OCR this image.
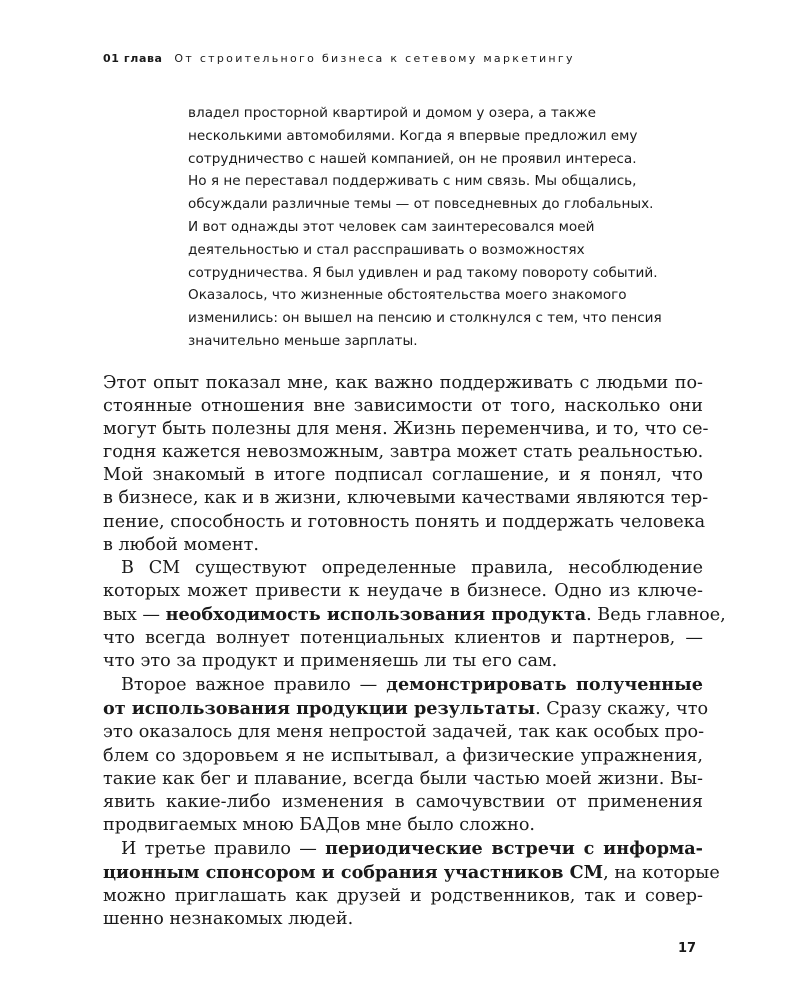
01 глава От строительного бизнеса к сетевому маркетингу
владел просторной квартирой и домом у озера, а также
несколькими автомобилями. Когда я впервые предложил ему
сотрудничество с нашей компанией, он не проявил интереса.
Но я не переставал поддерживать с ним связь. Мы общались,
обсуждали различные темы — от повседневных до глобальных.
И вот однажды этот человек сам заинтересовался моей
деятельностью и стал расспрашивать о возможностях
сотрудничества. Я был удивлен и рад такому повороту событий.
Оказалось, что жизненные обстоятельства моего знакомого
изменились: он вышел на пенсию и столкнулся с тем, что пенсия
значительно меньше зарплаты.
Этот опыт показал мне, как важно поддерживать с людьми по-
стоянные отношения вне зависимости от того, насколько они
могут быть полезны для меня. Жизнь переменчива, и то, что се-
годня кажется невозможным, завтра может стать реальностью.
Мой знакомый в итоге подписал соглашение, и я понял, что
в бизнесе, как и в жизни, ключевыми качествами являются тер-
пение, способность и готовность понять и поддержать человека
в любой момент.
В СМ существуют определенные правила, несоблюдение
которых может привести к неудаче в бизнесе. Одно из ключе-
вых — необходимость использования продукта. Ведь главное,
что всегда волнует потенциальных клиентов и партнеров, —
что это за продукт и применяешь ли ты его сам.
Второе важное правило — демонстрировать полученные
от использования продукции результаты. Сразу скажу, что
это оказалось для меня непростой задачей, так как особых про-
блем со здоровьем я не испытывал, а физические упражнения,
такие как бег и плавание, всегда были частью моей жизни. Вы-
явить какие-либо изменения в самочувствии от применения
продвигаемых мною БАДов мне было сложно.
И третье правило — периодические встречи с информа-
ционным спонсором и собрания участников СМ, на которые
можно приглашать как друзей и родственников, так и совер-
шенно незнакомых людей.
17
